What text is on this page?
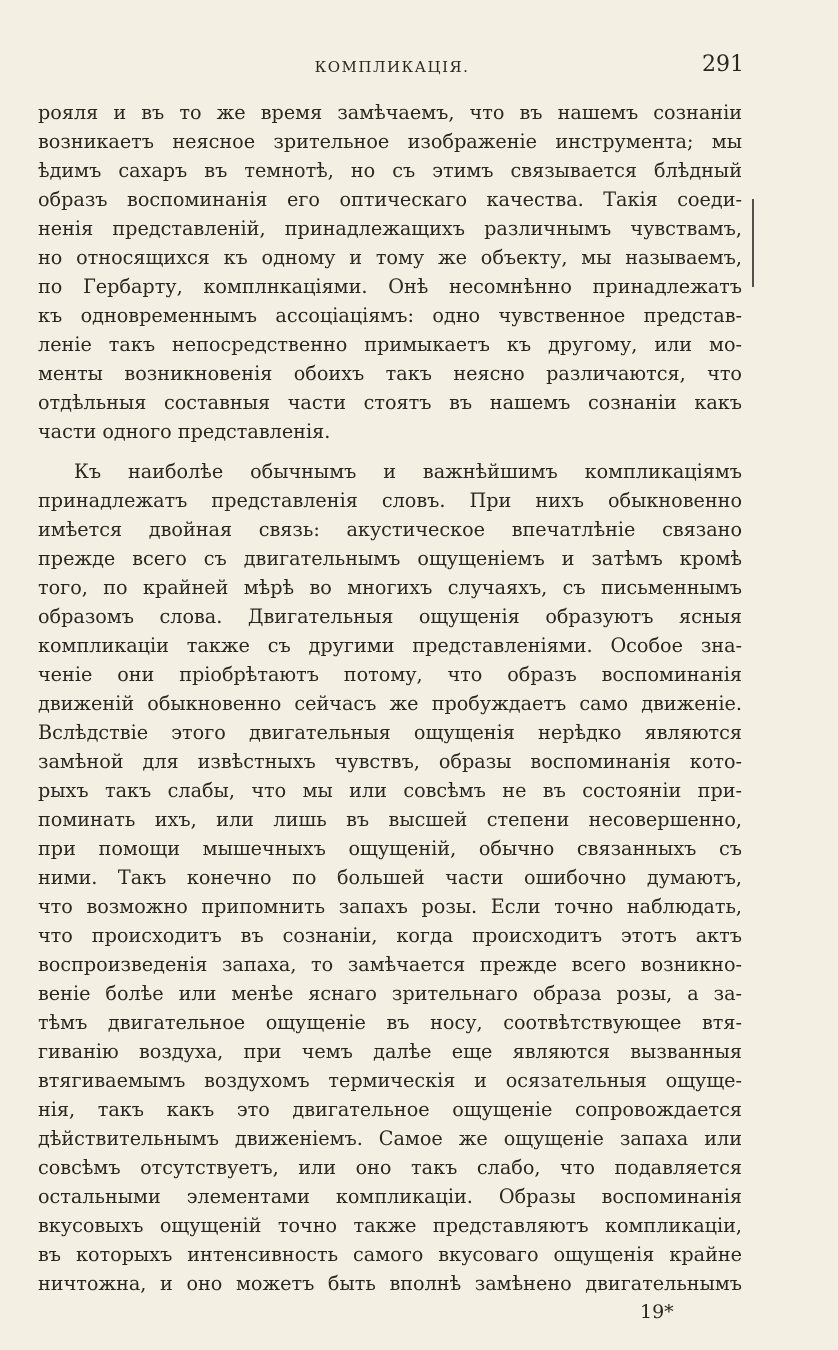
КОМПЛИКАЦІЯ.	291
рояля и въ то же время замѣчаемъ, что въ нашемъ сознаніи
возникаетъ неясное зрительное изображеніе инструмента; мы
ѣдимъ сахаръ въ темнотѣ, но съ этимъ связывается блѣдный
образъ воспоминанія его оптическаго качества. Такія соеди-
ненія представленій, принадлежащихъ различнымъ чувствамъ,
но относящихся къ одному и тому же объекту, мы называемъ,
по Гербарту, комплнкаціями. Онѣ несомнѣнно принадлежатъ
къ одновременнымъ ассоціаціямъ: одно чувственное представ-
леніе такъ непосредственно примыкаетъ къ другому, или мо-
менты возникновенія обоихъ такъ неясно различаются, что
отдѣльныя составныя части стоятъ въ нашемъ сознаніи какъ
части одного представленія.
Къ наиболѣе обычнымъ и важнѣйшимъ компликаціямъ
принадлежатъ представленія словъ. При нихъ обыкновенно
имѣется двойная связь: акустическое впечатлѣніе связано
прежде всего съ двигательнымъ ощущеніемъ и затѣмъ кромѣ
того, по крайней мѣрѣ во многихъ случаяхъ, съ письменнымъ
образомъ слова. Двигательныя ощущенія образуютъ ясныя
компликаціи также съ другими представленіями. Особое зна-
ченіе они пріобрѣтаютъ потому, что образъ воспоминанія
движеній обыкновенно сейчасъ же пробуждаетъ само движеніе.
Вслѣдствіе этого двигательныя ощущенія нерѣдко являются
замѣной для извѣстныхъ чувствъ, образы воспоминанія кото-
рыхъ такъ слабы, что мы или совсѣмъ не въ состояніи при-
поминать ихъ, или лишь въ высшей степени несовершенно,
при помощи мышечныхъ ощущеній, обычно связанныхъ съ
ними. Такъ конечно по большей части ошибочно думаютъ,
что возможно припомнить запахъ розы. Если точно наблюдать,
что происходитъ въ сознаніи, когда происходитъ этотъ актъ
воспроизведенія запаха, то замѣчается прежде всего возникно-
веніе болѣе или менѣе яснаго зрительнаго образа розы, а за-
тѣмъ двигательное ощущеніе въ носу, соотвѣтствующее втя-
гиванію воздуха, при чемъ далѣе еще являются вызванныя
втягиваемымъ воздухомъ термическія и осязательныя ощуще-
нія, такъ какъ это двигательное ощущеніе сопровождается
дѣйствительнымъ движеніемъ. Самое же ощущеніе запаха или
совсѣмъ отсутствуетъ, или оно такъ слабо, что подавляется
остальными элементами компликаціи. Образы воспоминанія
вкусовыхъ ощущеній точно также представляютъ компликаціи,
въ которыхъ интенсивность самого вкусоваго ощущенія крайне
ничтожна, и оно можетъ быть вполнѣ замѣнено двигательнымъ
19*
